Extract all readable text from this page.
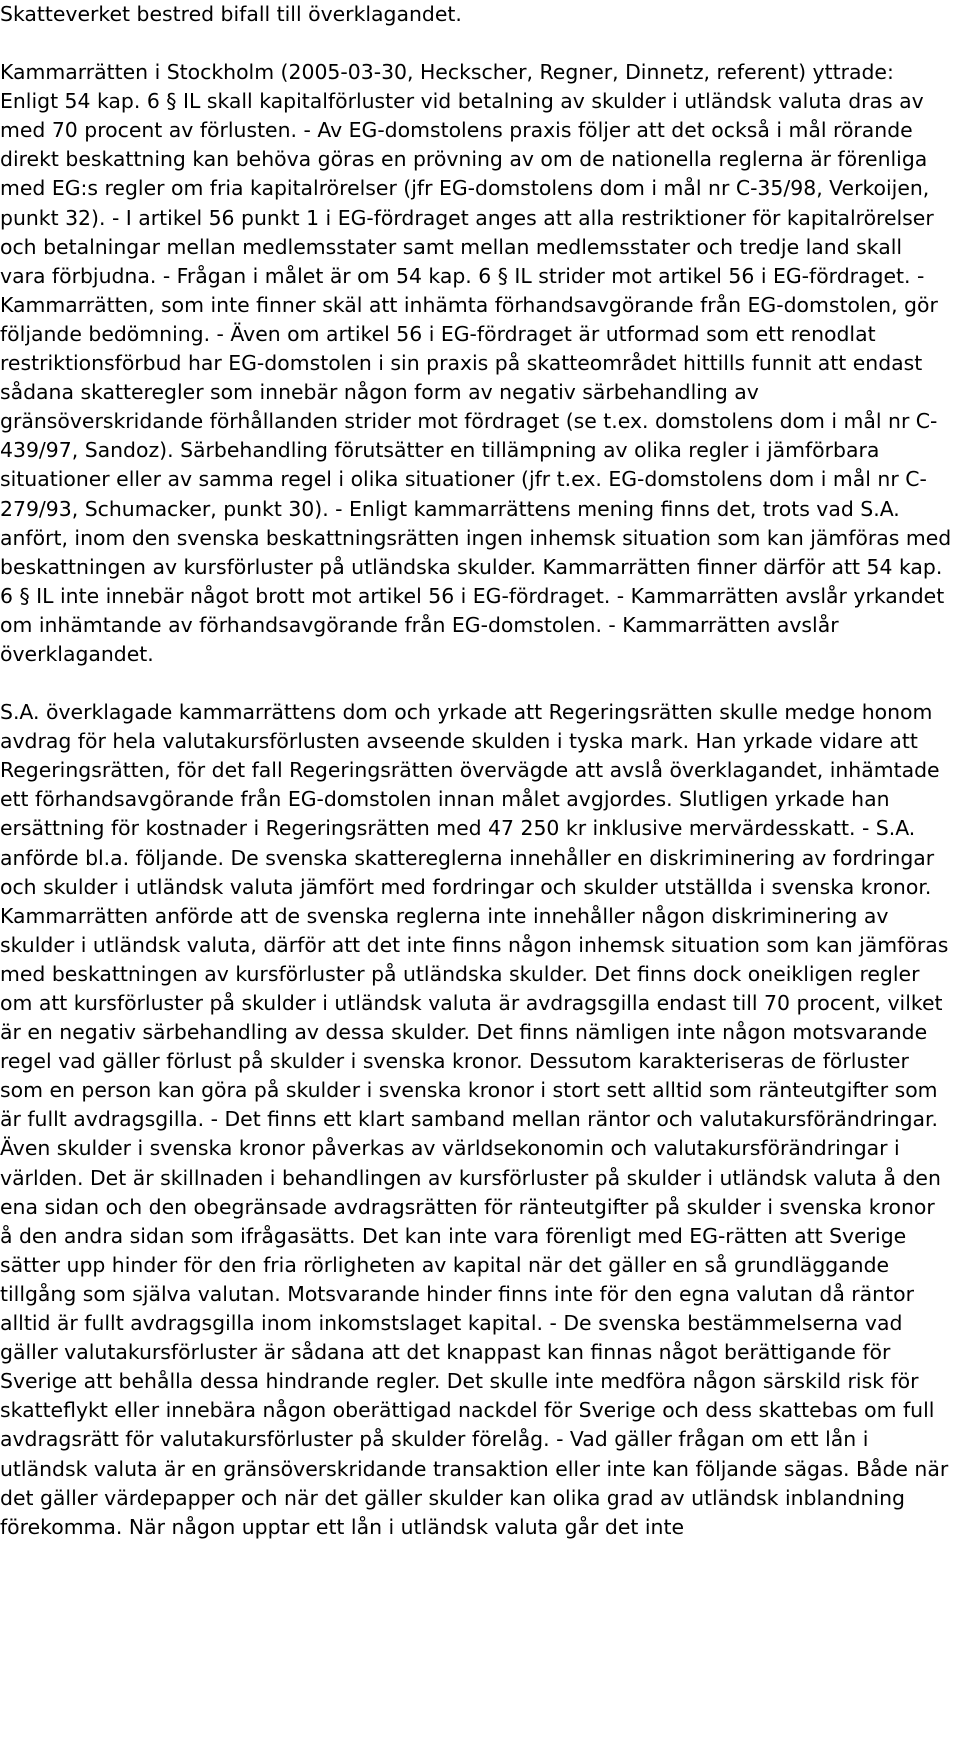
Skatteverket bestred bifall till överklagandet.

Kammarrätten i Stockholm (2005-03-30, Heckscher, Regner, Dinnetz, referent) yttrade: Enligt 54 kap. 6 § IL skall kapitalförluster vid betalning av skulder i utländsk valuta dras av med 70 procent av förlusten. - Av EG-domstolens praxis följer att det också i mål rörande direkt beskattning kan behöva göras en prövning av om de nationella reglerna är förenliga med EG:s regler om fria kapitalrörelser (jfr EG-domstolens dom i mål nr C-35/98, Verkoijen, punkt 32). - I artikel 56 punkt 1 i EG-fördraget anges att alla restriktioner för kapitalrörelser och betalningar mellan medlemsstater samt mellan medlemsstater och tredje land skall vara förbjudna. - Frågan i målet är om 54 kap. 6 § IL strider mot artikel 56 i EG-fördraget. - Kammarrätten, som inte finner skäl att inhämta förhandsavgörande från EG-domstolen, gör följande bedömning. - Även om artikel 56 i EG-fördraget är utformad som ett renodlat restriktionsförbud har EG-domstolen i sin praxis på skatteområdet hittills funnit att endast sådana skatteregler som innebär någon form av negativ särbehandling av gränsöverskridande förhållanden strider mot fördraget (se t.ex. domstolens dom i mål nr C-439/97, Sandoz). Särbehandling förutsätter en tillämpning av olika regler i jämförbara situationer eller av samma regel i olika situationer (jfr t.ex. EG-domstolens dom i mål nr C-279/93, Schumacker, punkt 30). - Enligt kammarrättens mening finns det, trots vad S.A. anfört, inom den svenska beskattningsrätten ingen inhemsk situation som kan jämföras med beskattningen av kursförluster på utländska skulder. Kammarrätten finner därför att 54 kap. 6 § IL inte innebär något brott mot artikel 56 i EG-fördraget. - Kammarrätten avslår yrkandet om inhämtande av förhandsavgörande från EG-domstolen. - Kammarrätten avslår överklagandet.

S.A. överklagade kammarrättens dom och yrkade att Regeringsrätten skulle medge honom avdrag för hela valutakursförlusten avseende skulden i tyska mark. Han yrkade vidare att Regeringsrätten, för det fall Regeringsrätten övervägde att avslå överklagandet, inhämtade ett förhandsavgörande från EG-domstolen innan målet avgjordes. Slutligen yrkade han ersättning för kostnader i Regeringsrätten med 47 250 kr inklusive mervärdesskatt. - S.A. anförde bl.a. följande. De svenska skattereglerna innehåller en diskriminering av fordringar och skulder i utländsk valuta jämfört med fordringar och skulder utställda i svenska kronor. Kammarrätten anförde att de svenska reglerna inte innehåller någon diskriminering av skulder i utländsk valuta, därför att det inte finns någon inhemsk situation som kan jämföras med beskattningen av kursförluster på utländska skulder. Det finns dock oneikligen regler om att kursförluster på skulder i utländsk valuta är avdragsgilla endast till 70 procent, vilket är en negativ särbehandling av dessa skulder. Det finns nämligen inte någon motsvarande regel vad gäller förlust på skulder i svenska kronor. Dessutom karakteriseras de förluster som en person kan göra på skulder i svenska kronor i stort sett alltid som ränteutgifter som är fullt avdragsgilla. - Det finns ett klart samband mellan räntor och valutakursförändringar. Även skulder i svenska kronor påverkas av världsekonomin och valutakursförändringar i världen. Det är skillnaden i behandlingen av kursförluster på skulder i utländsk valuta å den ena sidan och den obegränsade avdragsrätten för ränteutgifter på skulder i svenska kronor å den andra sidan som ifrågasätts. Det kan inte vara förenligt med EG-rätten att Sverige sätter upp hinder för den fria rörligheten av kapital när det gäller en så grundläggande tillgång som själva valutan. Motsvarande hinder finns inte för den egna valutan då räntor alltid är fullt avdragsgilla inom inkomstslaget kapital. - De svenska bestämmelserna vad gäller valutakursförluster är sådana att det knappast kan finnas något berättigande för Sverige att behålla dessa hindrande regler. Det skulle inte medföra någon särskild risk för skatteflykt eller innebära någon oberättigad nackdel för Sverige och dess skattebas om full avdragsrätt för valutakursförluster på skulder förelåg. - Vad gäller frågan om ett lån i utländsk valuta är en gränsöverskridande transaktion eller inte kan följande sägas. Både när det gäller värdepapper och när det gäller skulder kan olika grad av utländsk inblandning förekomma. När någon upptar ett lån i utländsk valuta går det inte
